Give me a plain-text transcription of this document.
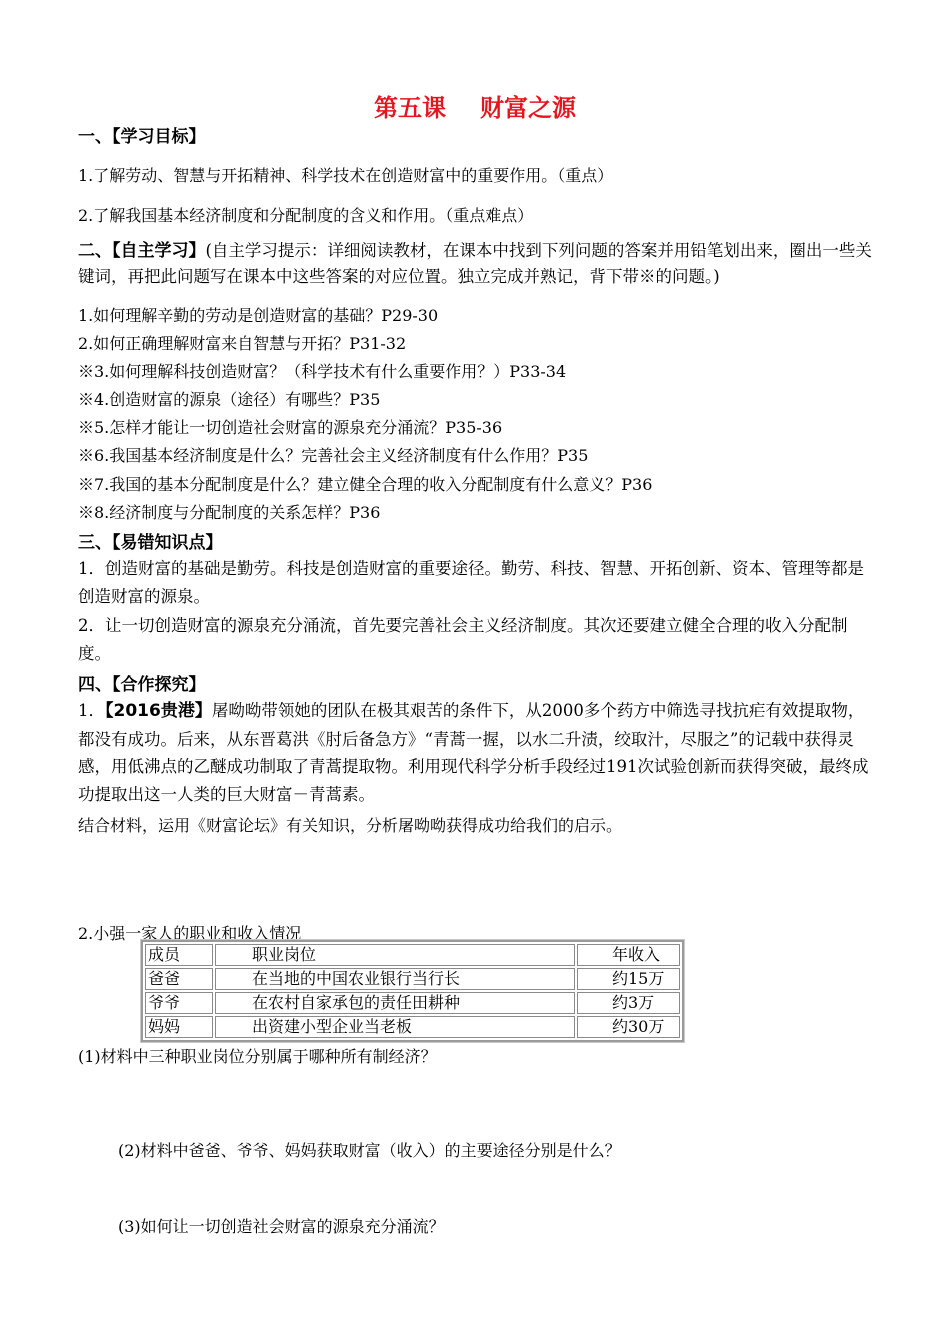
第五课 财富之源
一、【学习目标】
1.了解劳动、智慧与开拓精神、科学技术在创造财富中的重要作用。（重点）
2.了解我国基本经济制度和分配制度的含义和作用。（重点难点）
二、【自主学习】(自主学习提示：详细阅读教材，在课本中找到下列问题的答案并用铅笔划出来，圈出一些关键词，再把此问题写在课本中这些答案的对应位置。独立完成并熟记，背下带※的问题。)
1.如何理解辛勤的劳动是创造财富的基础？P29-30
2.如何正确理解财富来自智慧与开拓？P31-32
※3.如何理解科技创造财富？（科学技术有什么重要作用？）P33-34
※4.创造财富的源泉（途径）有哪些？P35
※5.怎样才能让一切创造社会财富的源泉充分涌流？P35-36
※6.我国基本经济制度是什么？完善社会主义经济制度有什么作用？P35
※7.我国的基本分配制度是什么？建立健全合理的收入分配制度有什么意义？P36
※8.经济制度与分配制度的关系怎样？P36
三、【易错知识点】
1．创造财富的基础是勤劳。科技是创造财富的重要途径。勤劳、科技、智慧、开拓创新、资本、管理等都是创造财富的源泉。
2．让一切创造财富的源泉充分涌流，首先要完善社会主义经济制度。其次还要建立健全合理的收入分配制度。
四、【合作探究】
1．【2016贵港】屠呦呦带领她的团队在极其艰苦的条件下，从2000多个药方中筛选寻找抗疟有效提取物，都没有成功。后来，从东晋葛洪《肘后备急方》“青蒿一握，以水二升渍，绞取汁，尽服之”的记载中获得灵感，用低沸点的乙醚成功制取了青蒿提取物。利用现代科学分析手段经过191次试验创新而获得突破，最终成功提取出这一人类的巨大财富－青蒿素。
结合材料，运用《财富论坛》有关知识，分析屠呦呦获得成功给我们的启示。
2.小强一家人的职业和收入情况
成员	职业岗位	年收入
爸爸	在当地的中国农业银行当行长	约15万
爷爷	在农村自家承包的责任田耕种	约3万
妈妈	出资建小型企业当老板	约30万
(1)材料中三种职业岗位分别属于哪种所有制经济？
(2)材料中爸爸、爷爷、妈妈获取财富（收入）的主要途径分别是什么？
(3)如何让一切创造社会财富的源泉充分涌流？
